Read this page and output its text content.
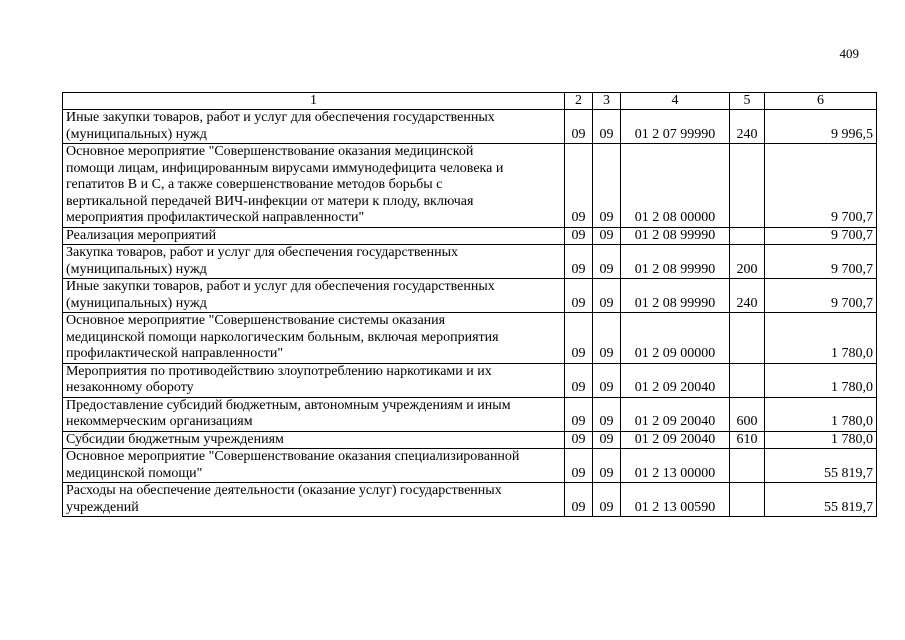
409
1	2	3	4	5	6
Иные закупки товаров, работ и услуг для обеспечения государственных
(муниципальных) нужд	09	09	01 2 07 99990	240	9 996,5
Основное мероприятие "Совершенствование оказания медицинской
помощи лицам, инфицированным вирусами иммунодефицита человека и
гепатитов В и С, а также совершенствование методов борьбы с
вертикальной передачей ВИЧ-инфекции от матери к плоду, включая
мероприятия профилактической направленности"	09	09	01 2 08 00000		9 700,7
Реализация мероприятий	09	09	01 2 08 99990		9 700,7
Закупка товаров, работ и услуг для обеспечения государственных
(муниципальных) нужд	09	09	01 2 08 99990	200	9 700,7
Иные закупки товаров, работ и услуг для обеспечения государственных
(муниципальных) нужд	09	09	01 2 08 99990	240	9 700,7
Основное мероприятие "Совершенствование системы оказания
медицинской помощи наркологическим больным, включая мероприятия
профилактической направленности"	09	09	01 2 09 00000		1 780,0
Мероприятия по противодействию злоупотреблению наркотиками и их
незаконному обороту	09	09	01 2 09 20040		1 780,0
Предоставление субсидий бюджетным, автономным учреждениям и иным
некоммерческим организациям	09	09	01 2 09 20040	600	1 780,0
Субсидии бюджетным учреждениям	09	09	01 2 09 20040	610	1 780,0
Основное мероприятие "Совершенствование оказания специализированной
медицинской помощи"	09	09	01 2 13 00000		55 819,7
Расходы на обеспечение деятельности (оказание услуг) государственных
учреждений	09	09	01 2 13 00590		55 819,7
